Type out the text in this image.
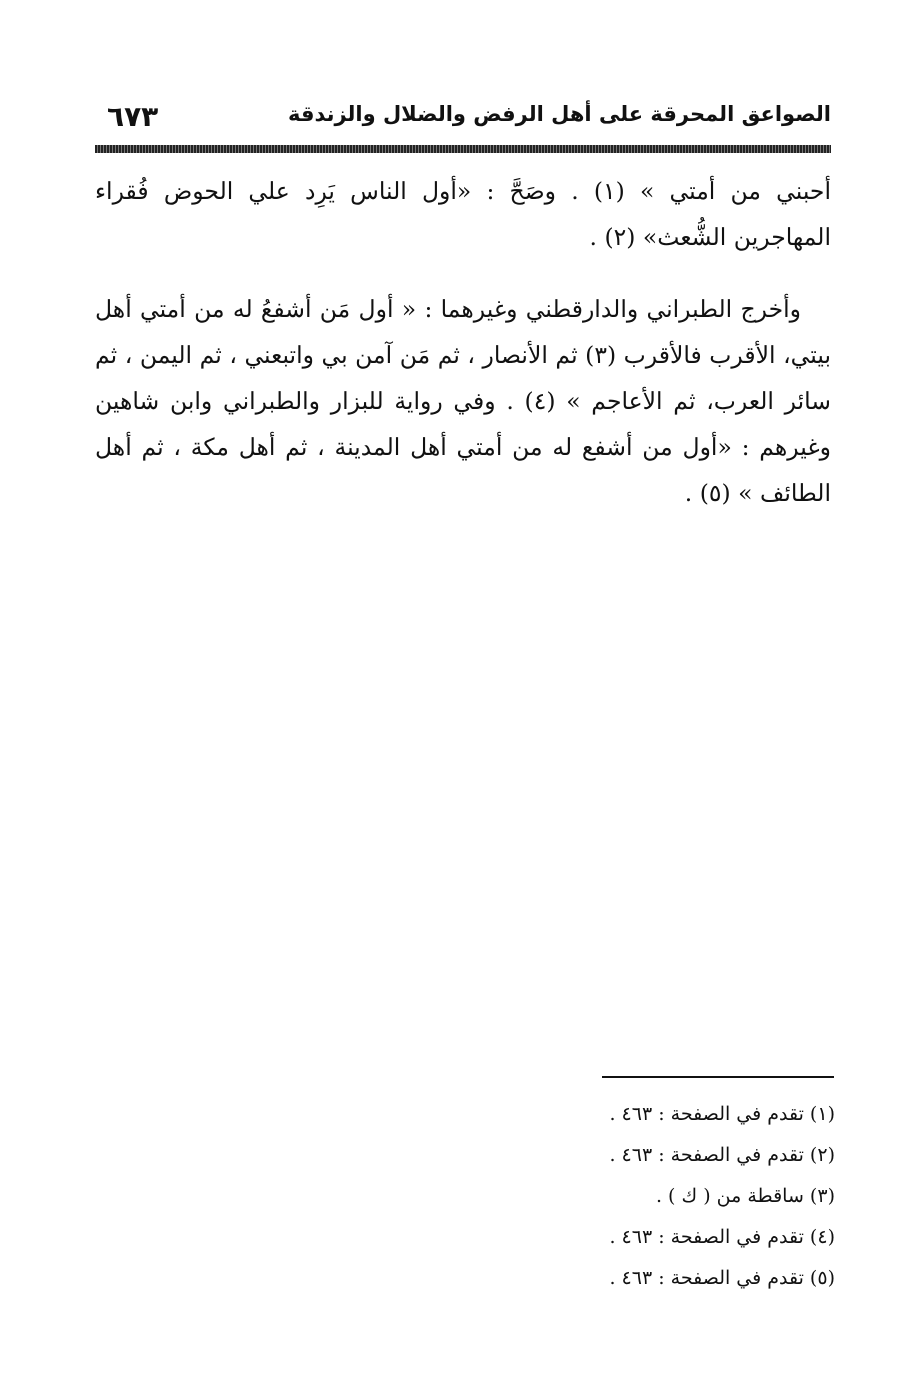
الصواعق المحرقة على أهل الرفض والضلال والزندقة
٦٧٣

أحبني من أمتي » (١) . وصَحَّ : «أول الناس يَرِد علي الحوض فُقراء المهاجرين الشُّعث» (٢) .

وأخرج الطبراني والدارقطني وغيرهما : « أول مَن أشفعُ له من أمتي أهل بيتي، الأقرب فالأقرب (٣) ثم الأنصار ، ثم مَن آمن بي واتبعني ، ثم اليمن ، ثم سائر العرب، ثم الأعاجم » (٤) . وفي رواية للبزار والطبراني وابن شاهين وغيرهم : «أول من أشفع له من أمتي أهل المدينة ، ثم أهل مكة ، ثم أهل الطائف » (٥) .

(١) تقدم في الصفحة : ٤٦٣ .
(٢) تقدم في الصفحة : ٤٦٣ .
(٣) ساقطة من ( ك ) .
(٤) تقدم في الصفحة : ٤٦٣ .
(٥) تقدم في الصفحة : ٤٦٣ .
